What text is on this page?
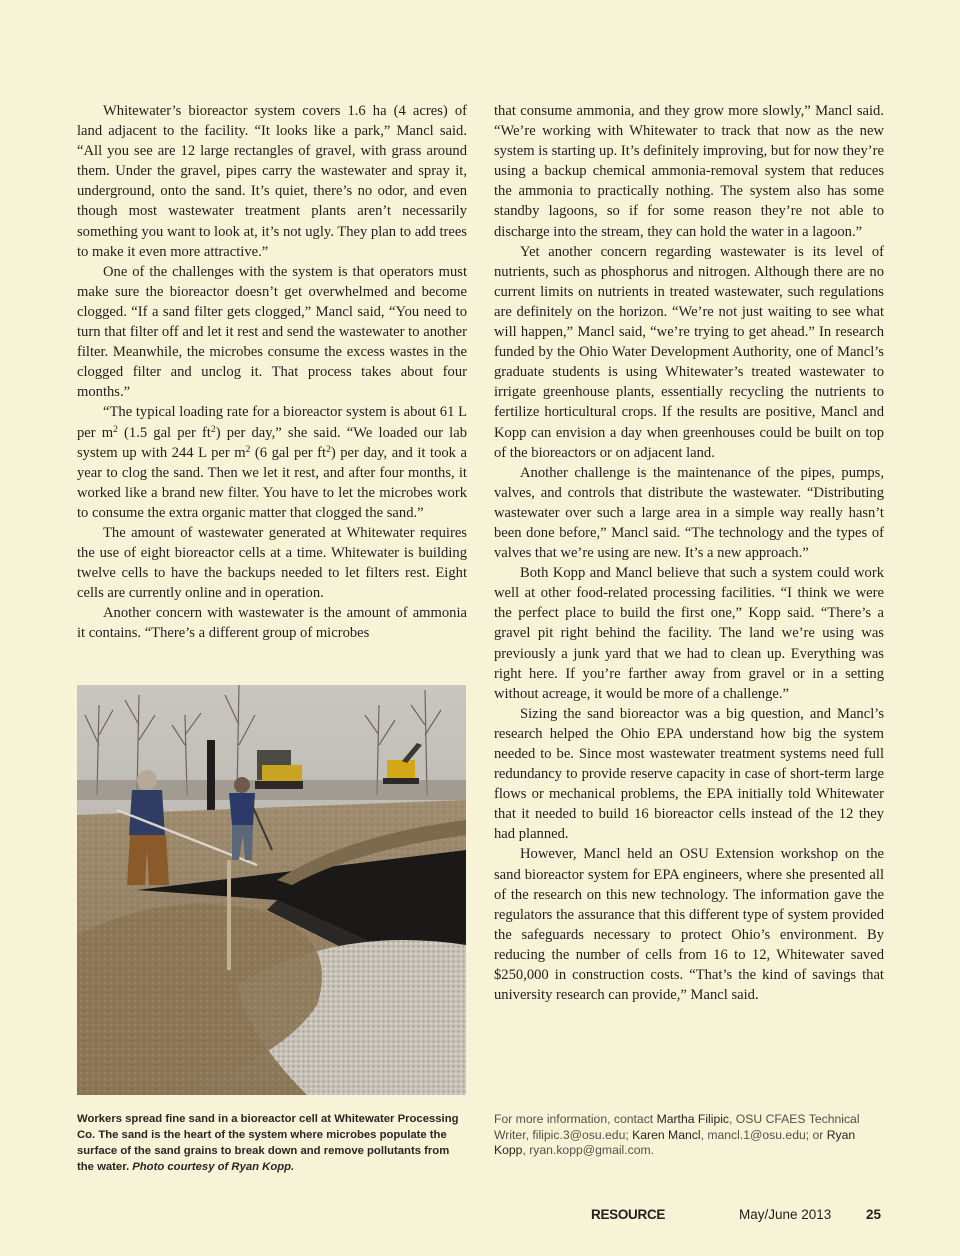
Whitewater’s bioreactor system covers 1.6 ha (4 acres) of land adjacent to the facility. “It looks like a park,” Mancl said. “All you see are 12 large rectangles of gravel, with grass around them. Under the gravel, pipes carry the wastewater and spray it, underground, onto the sand. It’s quiet, there’s no odor, and even though most wastewater treatment plants aren’t necessarily something you want to look at, it’s not ugly. They plan to add trees to make it even more attractive.”

One of the challenges with the system is that operators must make sure the bioreactor doesn’t get overwhelmed and become clogged. “If a sand filter gets clogged,” Mancl said, “You need to turn that filter off and let it rest and send the wastewater to another filter. Meanwhile, the microbes consume the excess wastes in the clogged filter and unclog it. That process takes about four months.”

“The typical loading rate for a bioreactor system is about 61 L per $m^2$ (1.5 gal per $ft^2$) per day,” she said. “We loaded our lab system up with 244 L per $m^2$ (6 gal per $ft^2$) per day, and it took a year to clog the sand. Then we let it rest, and after four months, it worked like a brand new filter. You have to let the microbes work to consume the extra organic matter that clogged the sand.”

The amount of wastewater generated at Whitewater requires the use of eight bioreactor cells at a time. Whitewater is building twelve cells to have the backups needed to let filters rest. Eight cells are currently online and in operation.

Another concern with wastewater is the amount of ammonia it contains. “There’s a different group of microbes

Workers spread fine sand in a bioreactor cell at Whitewater Processing Co. The sand is the heart of the system where microbes populate the surface of the sand grains to break down and remove pollutants from the water. Photo courtesy of Ryan Kopp.

that consume ammonia, and they grow more slowly,” Mancl said. “We’re working with Whitewater to track that now as the new system is starting up. It’s definitely improving, but for now they’re using a backup chemical ammonia-removal system that reduces the ammonia to practically nothing. The system also has some standby lagoons, so if for some reason they’re not able to discharge into the stream, they can hold the water in a lagoon.”

Yet another concern regarding wastewater is its level of nutrients, such as phosphorus and nitrogen. Although there are no current limits on nutrients in treated wastewater, such regulations are definitely on the horizon. “We’re not just waiting to see what will happen,” Mancl said, “we’re trying to get ahead.” In research funded by the Ohio Water Development Authority, one of Mancl’s graduate students is using Whitewater’s treated wastewater to irrigate greenhouse plants, essentially recycling the nutrients to fertilize horticultural crops. If the results are positive, Mancl and Kopp can envision a day when greenhouses could be built on top of the bioreactors or on adjacent land.

Another challenge is the maintenance of the pipes, pumps, valves, and controls that distribute the wastewater. “Distributing wastewater over such a large area in a simple way really hasn’t been done before,” Mancl said. “The technology and the types of valves that we’re using are new. It’s a new approach.”

Both Kopp and Mancl believe that such a system could work well at other food-related processing facilities. “I think we were the perfect place to build the first one,” Kopp said. “There’s a gravel pit right behind the facility. The land we’re using was previously a junk yard that we had to clean up. Everything was right here. If you’re farther away from gravel or in a setting without acreage, it would be more of a challenge.”

Sizing the sand bioreactor was a big question, and Mancl’s research helped the Ohio EPA understand how big the system needed to be. Since most wastewater treatment systems need full redundancy to provide reserve capacity in case of short-term large flows or mechanical problems, the EPA initially told Whitewater that it needed to build 16 bioreactor cells instead of the 12 they had planned.

However, Mancl held an OSU Extension workshop on the sand bioreactor system for EPA engineers, where she presented all of the research on this new technology. The information gave the regulators the assurance that this different type of system provided the safeguards necessary to protect Ohio’s environment. By reducing the number of cells from 16 to 12, Whitewater saved $250,000 in construction costs. “That’s the kind of savings that university research can provide,” Mancl said.

For more information, contact Martha Filipic, OSU CFAES Technical Writer, filipic.3@osu.edu; Karen Mancl, mancl.1@osu.edu; or Ryan Kopp, ryan.kopp@gmail.com.
RESOURCE	May/June 2013	25
